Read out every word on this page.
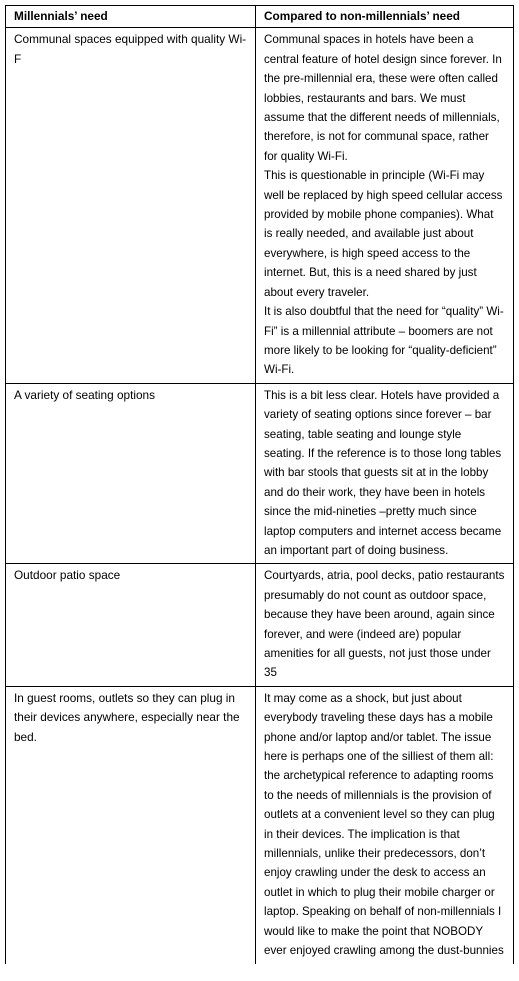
Millennials’ need	Compared to non-millennials’ need
Communal spaces equipped with quality Wi-F	Communal spaces in hotels have been a central feature of hotel design since forever. In the pre-millennial era, these were often called lobbies, restaurants and bars. We must assume that the different needs of millennials, therefore, is not for communal space, rather for quality Wi-Fi.

This is questionable in principle (Wi-Fi may well be replaced by high speed cellular access provided by mobile phone companies). What is really needed, and available just about everywhere, is high speed access to the internet. But, this is a need shared by just about every traveler.

It is also doubtful that the need for “quality” Wi-Fi” is a millennial attribute – boomers are not more likely to be looking for “quality-deficient” Wi-Fi.

A variety of seating options	This is a bit less clear. Hotels have provided a variety of seating options since forever – bar seating, table seating and lounge style seating. If the reference is to those long tables with bar stools that guests sit at in the lobby and do their work, they have been in hotels since the mid-nineties –pretty much since laptop computers and internet access became an important part of doing business.

Outdoor patio space	Courtyards, atria, pool decks, patio restaurants presumably do not count as outdoor space, because they have been around, again since forever, and were (indeed are) popular amenities for all guests, not just those under 35

In guest rooms, outlets so they can plug in their devices anywhere, especially near the bed.	It may come as a shock, but just about everybody traveling these days has a mobile phone and/or laptop and/or tablet. The issue here is perhaps one of the silliest of them all: the archetypical reference to adapting rooms to the needs of millennials is the provision of outlets at a convenient level so they can plug in their devices. The implication is that millennials, unlike their predecessors, don’t enjoy crawling under the desk to access an outlet in which to plug their mobile charger or laptop. Speaking on behalf of non-millennials I would like to make the point that NOBODY ever enjoyed crawling among the dust-bunnies
